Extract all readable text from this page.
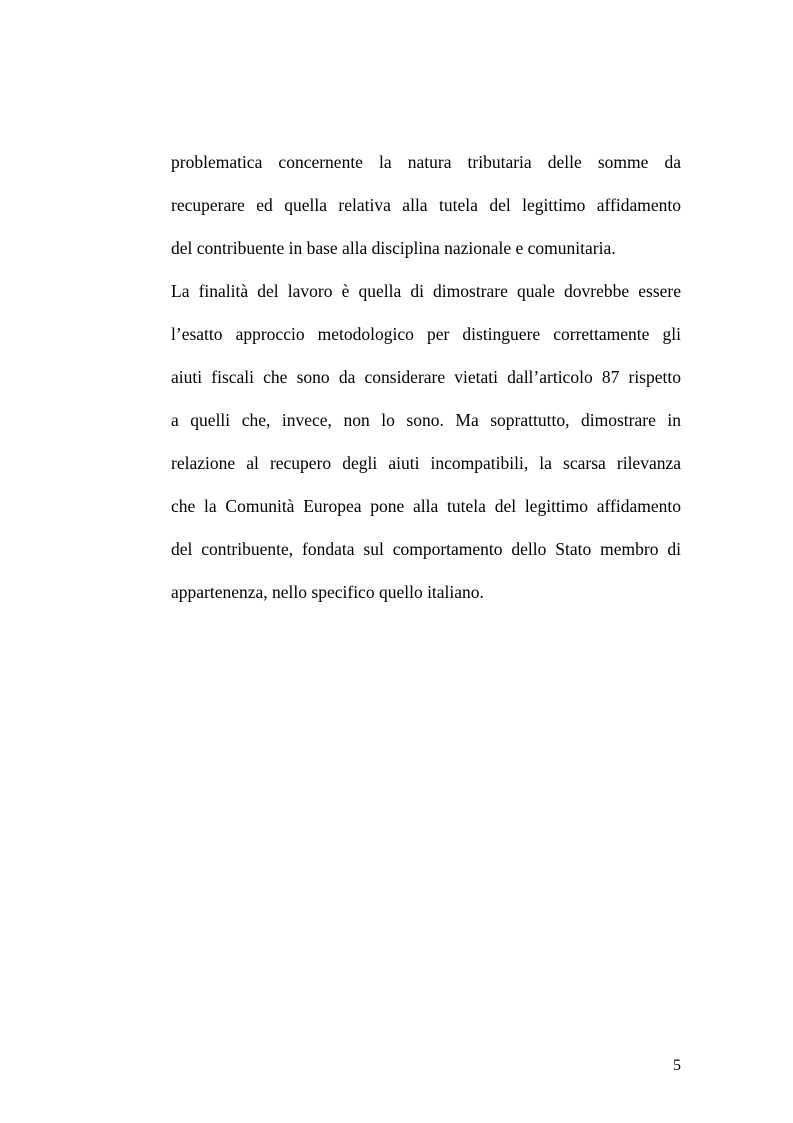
problematica concernente la natura tributaria delle somme da
recuperare ed quella relativa alla tutela del legittimo affidamento
del contribuente in base alla disciplina nazionale e comunitaria.
La finalità del lavoro è quella di dimostrare quale dovrebbe essere
l’esatto approccio metodologico per distinguere correttamente gli
aiuti fiscali che sono da considerare vietati dall’articolo 87 rispetto
a quelli che, invece, non lo sono. Ma soprattutto, dimostrare in
relazione al recupero degli aiuti incompatibili, la scarsa rilevanza
che la Comunità Europea pone alla tutela del legittimo affidamento
del contribuente, fondata sul comportamento dello Stato membro di
appartenenza, nello specifico quello italiano.
5
